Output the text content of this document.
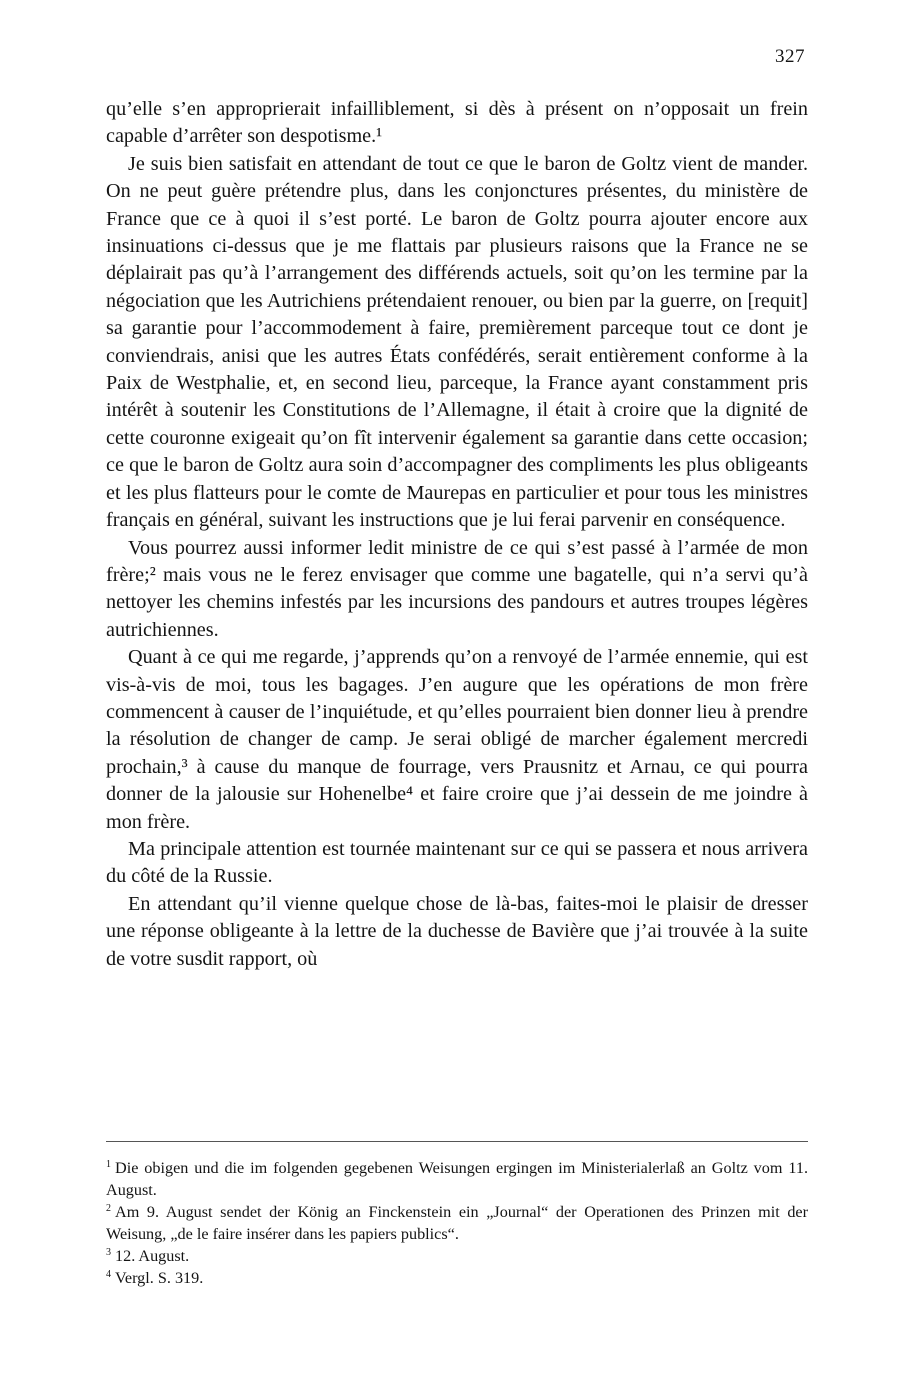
327

qu’elle s’en approprierait infailliblement, si dès à présent on n’opposait un frein capable d’arrêter son despotisme.¹

Je suis bien satisfait en attendant de tout ce que le baron de Goltz vient de mander. On ne peut guère prétendre plus, dans les conjonctures présentes, du ministère de France que ce à quoi il s’est porté. Le baron de Goltz pourra ajouter encore aux insinuations ci-dessus que je me flattais par plusieurs raisons que la France ne se déplairait pas qu’à l’arrangement des différends actuels, soit qu’on les termine par la négociation que les Autrichiens prétendaient renouer, ou bien par la guerre, on [requit] sa garantie pour l’accommodement à faire, premièrement parceque tout ce dont je conviendrais, anisi que les autres États confédérés, serait entièrement conforme à la Paix de Westphalie, et, en second lieu, parceque, la France ayant constamment pris intérêt à soutenir les Constitutions de l’Allemagne, il était à croire que la dignité de cette couronne exigeait qu’on fît intervenir également sa garantie dans cette occasion; ce que le baron de Goltz aura soin d’accompagner des compliments les plus obligeants et les plus flatteurs pour le comte de Maurepas en particulier et pour tous les ministres français en général, suivant les instructions que je lui ferai parvenir en conséquence.

Vous pourrez aussi informer ledit ministre de ce qui s’est passé à l’armée de mon frère;² mais vous ne le ferez envisager que comme une bagatelle, qui n’a servi qu’à nettoyer les chemins infestés par les incursions des pandours et autres troupes légères autrichiennes.

Quant à ce qui me regarde, j’apprends qu’on a renvoyé de l’armée ennemie, qui est vis-à-vis de moi, tous les bagages. J’en augure que les opérations de mon frère commencent à causer de l’inquiétude, et qu’elles pourraient bien donner lieu à prendre la résolution de changer de camp. Je serai obligé de marcher également mercredi prochain,³ à cause du manque de fourrage, vers Prausnitz et Arnau, ce qui pourra donner de la jalousie sur Hohenelbe⁴ et faire croire que j’ai dessein de me joindre à mon frère.

Ma principale attention est tournée maintenant sur ce qui se passera et nous arrivera du côté de la Russie.

En attendant qu’il vienne quelque chose de là-bas, faites-moi le plaisir de dresser une réponse obligeante à la lettre de la duchesse de Bavière que j’ai trouvée à la suite de votre susdit rapport, où

$^1$ Die obigen und die im folgenden gegebenen Weisungen ergingen im Ministerialerlaß an Goltz vom 11. August.

$^2$ Am 9. August sendet der König an Finckenstein ein „Journal“ der Operationen des Prinzen mit der Weisung, „de le faire insérer dans les papiers publics“.

$^3$ 12. August.

$^4$ Vergl. S. 319.
